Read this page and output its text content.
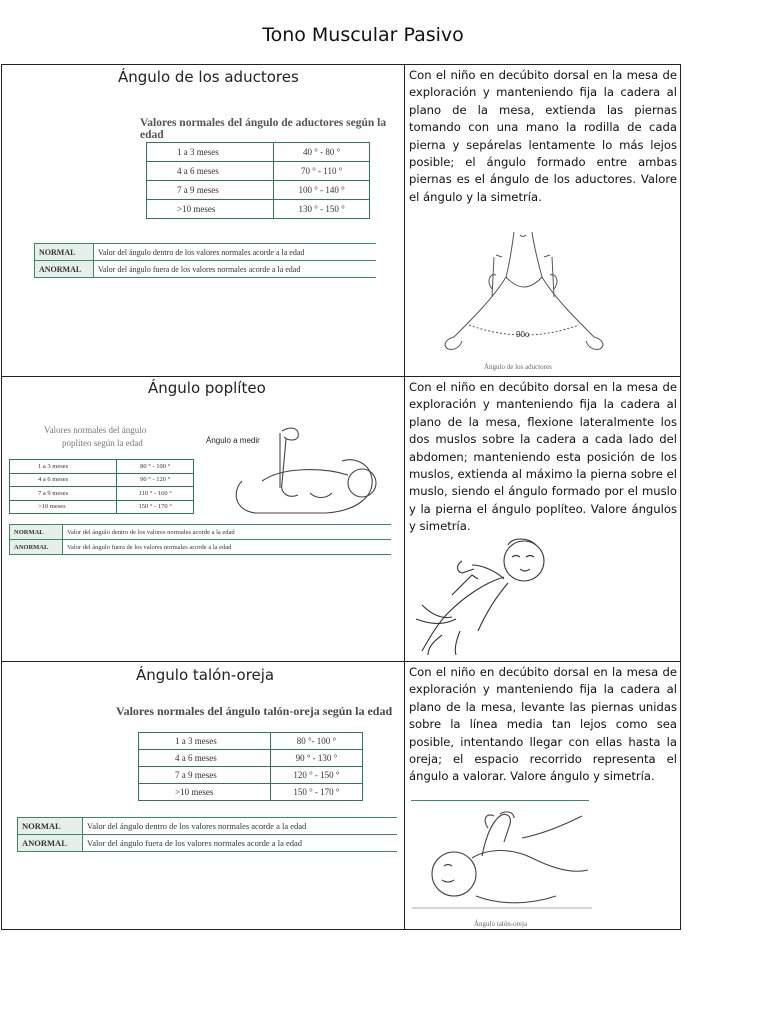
Tono Muscular Pasivo
Ángulo de los aductores
Valores normales del ángulo de aductores según la edad
1 a 3 meses	40 ° - 80 °
4 a 6 meses	70 ° - 110 °
7 a 9 meses	100 ° - 140 °
>10 meses	130 ° - 150 °
NORMAL	Valor del ángulo dentro de los valores normales acorde a la edad
ANORMAL	Valor del ángulo fuera de los valores normales acorde a la edad
Con el niño en decúbito dorsal en la mesa de exploración y manteniendo fija la cadera al plano de la mesa, extienda las piernas tomando con una mano la rodilla de cada pierna y sepárelas lentamente lo más lejos posible; el ángulo formado entre ambas piernas es el ángulo de los aductores. Valore el ángulo y la simetría.
90o
Ángulo de los aductores
Ángulo poplíteo
Valores normales del ángulo
poplíteo según la edad
1 a 3 meses	80 ° - 100 °
4 a 6 meses	90 ° - 120 °
7 a 9 meses	110 ° - 160 °
>10 meses	150 ° - 170 °
Ángulo a medir
NORMAL	Valor del ángulo dentro de los valores normales acorde a la edad
ANORMAL	Valor del ángulo fuera de los valores normales acorde a la edad
Con el niño en decúbito dorsal en la mesa de exploración y manteniendo fija la cadera al plano de la mesa, flexione lateralmente los dos muslos sobre la cadera a cada lado del abdomen; manteniendo esta posición de los muslos, extienda al máximo la pierna sobre el muslo, siendo el ángulo formado por el muslo y la pierna el ángulo poplíteo. Valore ángulos y simetría.
Ángulo talón-oreja
Valores normales del ángulo talón-oreja según la edad
1 a 3 meses	80 °- 100 °
4 a 6 meses	90 ° - 130 °
7 a 9 meses	120 ° - 150 °
>10 meses	150 ° - 170 °
NORMAL	Valor del ángulo dentro de los valores normales acorde a la edad
ANORMAL	Valor del ángulo fuera de los valores normales acorde a la edad
Con el niño en decúbito dorsal en la mesa de exploración y manteniendo fija la cadera al plano de la mesa, levante las piernas unidas sobre la línea media tan lejos como sea posible, intentando llegar con ellas hasta la oreja; el espacio recorrido representa el ángulo a valorar. Valore ángulo y simetría.
Ángulo talón-oreja
